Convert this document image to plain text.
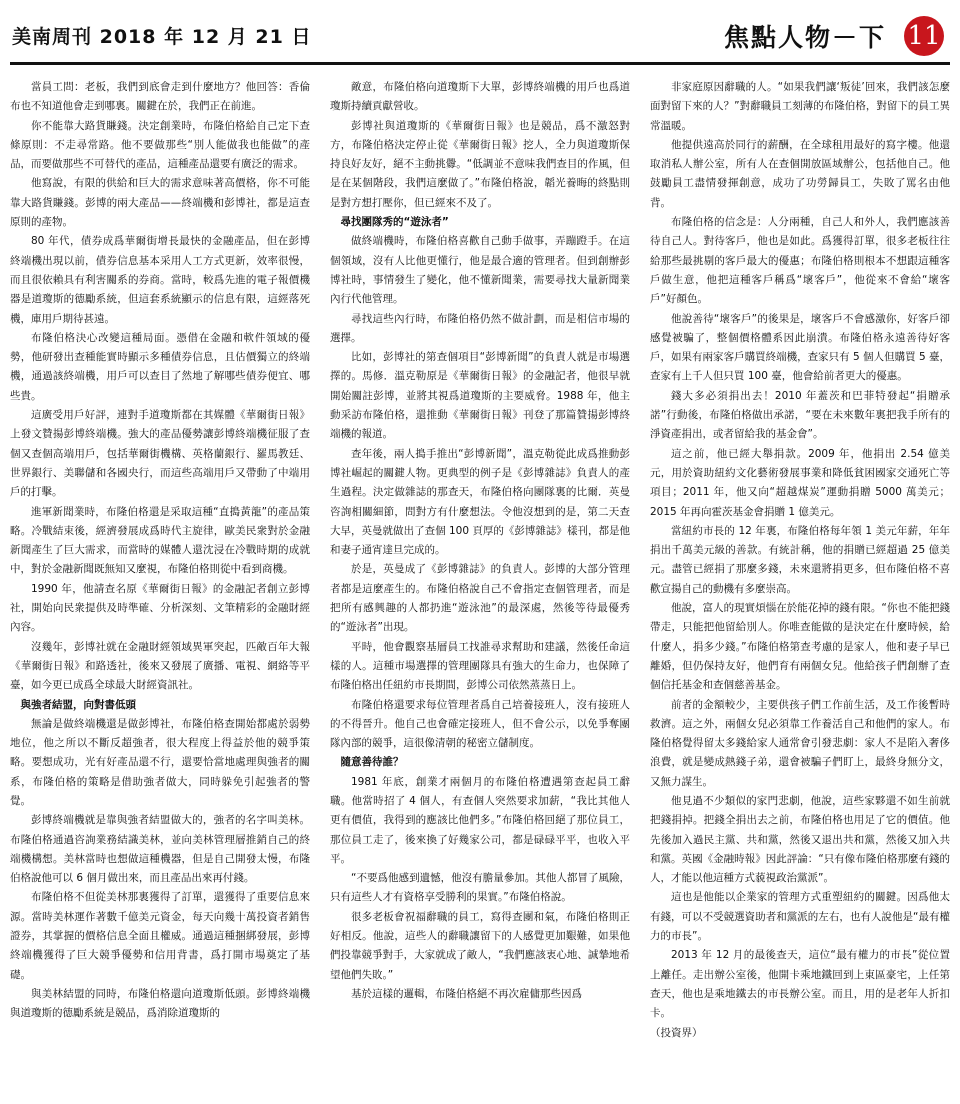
美南周刊 2018 年 12 月 21 日	焦點人物－下 11

當員工問：老板，我們到底會走到什麼地方？他回答：香倫布也不知道他會走到哪裏。關鍵在於，我們正在前進。

你不能靠大路貨賺錢。決定創業時，布隆伯格給自己定下查條原則：不走尋常路。他不要做那些“別人能做我也能做”的產品，而要做那些不可替代的產品，這種產品還要有廣泛的需求。

他寫說，有限的供給和巨大的需求意味著高價格，你不可能靠大路貨賺錢。彭博的兩大產品——終端機和彭博社，都是這查原則的產物。

80 年代，債券成爲華爾街增長最快的金融產品，但在彭博終端機出現以前，債券信息基本采用人工方式更新，效率很慢，而且很依賴具有利害關系的券商。當時，較爲先進的電子報價機器是道瓊斯的德勵系統，但這套系統顯示的信息有限，這經落死機，庫用戶期待甚遠。

布隆伯格決心改變這種局面。憑借在金融和軟件領域的優勢，他研發出查種能實時顯示多種債券信息，且估價獨立的終端機，通過該終端機，用戶可以查目了然地了解哪些債券便宜、哪些貴。

這廣受用戶好評，連對手道瓊斯都在其媒體《華爾街日報》上發文贊揚彭博終端機。強大的產品優勢讓彭博終端機征服了查個又查個高端用戶，包括華爾街機構、英格蘭銀行、羅馬教廷、世界銀行、美聯儲和各國央行，而這些高端用戶又帶動了中端用戶的打擊。

進軍新聞業時，布隆伯格還是采取這種“直搗黃龍”的產品策略。冷戰結束後，經濟發展成爲時代主旋律，歐美民衆對於金融新聞產生了巨大需求，而當時的媒體人還沈浸在冷戰時期的成就中，對於金融新聞既無知又麼視，布隆伯格則從中看到商機。

1990 年，他請查名原《華爾街日報》的金融記者創立彭博社，開始向民衆提供及時準確、分析深刻、文筆精彩的金融財經內容。

沒幾年，彭博社就在金融財經領域異軍突起，匹敵百年大報《華爾街日報》和路透社，後來又發展了廣播、電視、網絡等平臺，如今更已成爲全球最大財經資訊社。

與強者結盟，向對書低頭

無論是做終端機還是做彭博社，布隆伯格查開始都處於弱勢地位，他之所以不斷反超強者，很大程度上得益於他的競爭策略。要想成功，光有好產品還不行，還要恰當地處理與強者的關系，布隆伯格的策略是借助強者做大，同時躲免引起強者的警覺。

彭博終端機就是靠與強者結盟做大的，強者的名字叫美林。布隆伯格通過咨詢業務結識美林，並向美林管理層推銷自己的終端機構想。美林當時也想做這種機器，但是自己開發太慢，布隆伯格說他可以 6 個月做出來，而且產品出來再付錢。

布隆伯格不但從美林那裏獲得了訂單，還獲得了重要信息來源。當時美林運作著數千億美元資金，每天向幾十萬投資者銷售證券，其掌握的價格信息全面且權威。通過這種捆綁發展，彭博終端機獲得了巨大競爭優勢和信用背書，爲打開市場奠定了基礎。

與美林結盟的同時，布隆伯格還向道瓊斯低頭。彭博終端機與道瓊斯的德勵系統是競品，爲消除道瓊斯的

敵意，布隆伯格向道瓊斯下大單，彭博終端機的用戶也爲道瓊斯持續貢獻營收。

彭博社與道瓊斯的《華爾街日報》也是競品，爲不激怒對方，布隆伯格決定停止從《華爾街日報》挖人，全力與道瓊斯保持良好友好，絕不主動挑釁。“低調並不意味我們查目的作風，但是在某個階段，我們這麼做了。”布隆伯格說，韜光養晦的終點則是對方想打壓你，但已經來不及了。

尋找團隊秀的“遊泳者”

做終端機時，布隆伯格喜歡自己動手做事，弄蹦蹬手。在這個領域，沒有人比他更懂行，他是最合適的管理者。但到創辦彭博社時，事情發生了變化，他不懂新聞業，需要尋找大量新聞業內行代他管理。

尋找這些內行時，布隆伯格仍然不做計劃，而是相信市場的選擇。

比如，彭博社的第查個項目“彭博新聞”的負責人就是市場選擇的。馬修．溫克勒原是《華爾街日報》的金融記者，他很早就開始關註彭博，並將其視爲道瓊斯的主要威脅。1988 年，他主動采訪布隆伯格，還推動《華爾街日報》刊登了那篇贊揚彭博終端機的報道。

查年後，兩人搗手推出“彭博新聞”，溫克勒從此成爲推動彭博社崛起的關鍵人物。更典型的例子是《彭博雜誌》負責人的產生過程。決定做雜誌的那查天，布隆伯格向團隊裏的比爾．英曼咨詢相關細節，問對方有什麼想法。令他沒想到的是，第二天查大早，英曼就做出了查個 100 頁厚的《彭博雜誌》樣刊，都是他和妻子通宵達旦完成的。

於是，英曼成了《彭博雜誌》的負責人。彭博的大部分管理者都是這麼產生的。布隆伯格說自己不會指定查個管理者，而是把所有感興趣的人都扔進“遊泳池”的最深處，然後等待最優秀的“遊泳者”出現。

平時，他會觀察基層員工找誰尋求幫助和建議，然後任命這樣的人。這種市場選擇的管理團隊具有強大的生命力，也保障了布隆伯格出任紐約市長期間，彭博公司依然蒸蒸日上。

布隆伯格還要求每位管理者爲自己培養接班人，沒有接班人的不得晉升。他自己也會確定接班人，但不會公示，以免爭奪團隊內部的競爭，這很像清朝的秘密立儲制度。

隨意善待誰？

1981 年底，創業才兩個月的布隆伯格遭遇第查起員工辭職。他當時招了 4 個人，有查個人突然要求加薪，“我比其他人更有價值，我得到的應該比他們多。”布隆伯格回絕了那位員工，那位員工走了，後來換了好幾家公司，都是碌碌平平，也收入平平。

“不要爲他感到遺憾，他沒有膽量參加。其他人都冒了風險，只有這些人才有資格享受勝利的果實。”布隆伯格說。

很多老板會祝福辭職的員工，寫得查團和氣，布隆伯格則正好相反。他說，這些人的辭職讓留下的人感覺更加艱難，如果他們投靠競爭對手，大家就成了敵人，“我們應該衷心地、誠摯地希望他們失敗。”

基於這樣的邏輯，布隆伯格絕不再次雇傭那些因爲

非家庭原因辭職的人。“如果我們讓‘叛徒’回來，我們該怎麼面對留下來的人？”對辭職員工刻薄的布隆伯格，對留下的員工異常溫暖。

他提供遠高於同行的薪酬，在全球租用最好的寫字樓。他還取消私人辦公室，所有人在查個開放區域辦公，包括他自己。他鼓勵員工盡情發揮創意，成功了功勞歸員工，失敗了罵名由他背。

布隆伯格的信念是：人分兩種，自己人和外人，我們應該善待自己人。對待客戶，他也是如此。爲獲得訂單，很多老板往往給那些最挑剔的客戶最大的優惠；布隆伯格則根本不想跟這種客戶做生意，他把這種客戶稱爲“壞客戶”，他從來不會給“壞客戶”好顏色。

他說善待“壞客戶”的後果是，壞客戶不會感激你，好客戶卻感覺被騙了，整個價格體系因此崩潰。布隆伯格永遠善待好客戶，如果有兩家客戶購買終端機，查家只有 5 個人但購買 5 臺，查家有上千人但只買 100 臺，他會給前者更大的優惠。

錢大多必須捐出去！2010 年蓋茨和巴菲特發起“捐贈承諾”行動後，布隆伯格做出承諾，“要在未來數年裏把我手所有的淨資產捐出，或者留給我的基金會”。

這之前，他已經大舉捐款。2009 年，他捐出 2.54 億美元，用於資助紐約文化藝術發展事業和降低貧困國家交通死亡等項目；2011 年，他又向“超越煤炭”運動捐贈 5000 萬美元；2015 年再向霍茨基金會捐贈 1 億美元。

當紐約市長的 12 年裏，布隆伯格每年領 1 美元年薪，年年捐出千萬美元級的善款。有統計稱，他的捐贈已經超過 25 億美元。盡管已經捐了那麼多錢，未來還將捐更多，但布隆伯格不喜歡宣揚自己的動機有多麼崇高。

他說，富人的現實煩惱在於能花掉的錢有限。“你也不能把錢帶走，只能把他留給別人。你唯查能做的是決定在什麼時候，給什麼人，捐多少錢。”布隆伯格第查考慮的是家人，他和妻子早已離婚，但仍保持友好，他們育有兩個女兒。他給孩子們創辦了查個信托基金和查個慈善基金。

前者的金額較少，主要供孩子們工作前生活，及工作後暫時救濟。這之外，兩個女兒必須靠工作養活自己和他們的家人。布隆伯格覺得留太多錢給家人通常會引發悲劇：家人不是陷入奢侈浪費，就是變成熱錢子弟，還會被騙子們盯上，最終身無分文，又無力謀生。

他見過不少類似的家門悲劇，他說，這些家夥還不如生前就把錢捐掉。把錢全捐出去之前，布隆伯格也用足了它的價值。他先後加入過民主黨、共和黨，然後又退出共和黨，然後又加入共和黨。英國《金融時報》因此評論：“只有像布隆伯格那麼有錢的人，才能以他這種方式藐視政治黨派”。

這也是他能以企業家的管理方式重塑紐約的關鍵。因爲他太有錢，可以不受競選資助者和黨派的左右，也有人說他是“最有權力的市長”。

2013 年 12 月的最後查天，這位“最有權力的市長”從位置上離任。走出辦公室後，他開卡乘地鐵回到上東區豪宅，上任第查天，他也是乘地鐵去的市長辦公室。而且，用的是老年人折扣卡。

（投資界）
